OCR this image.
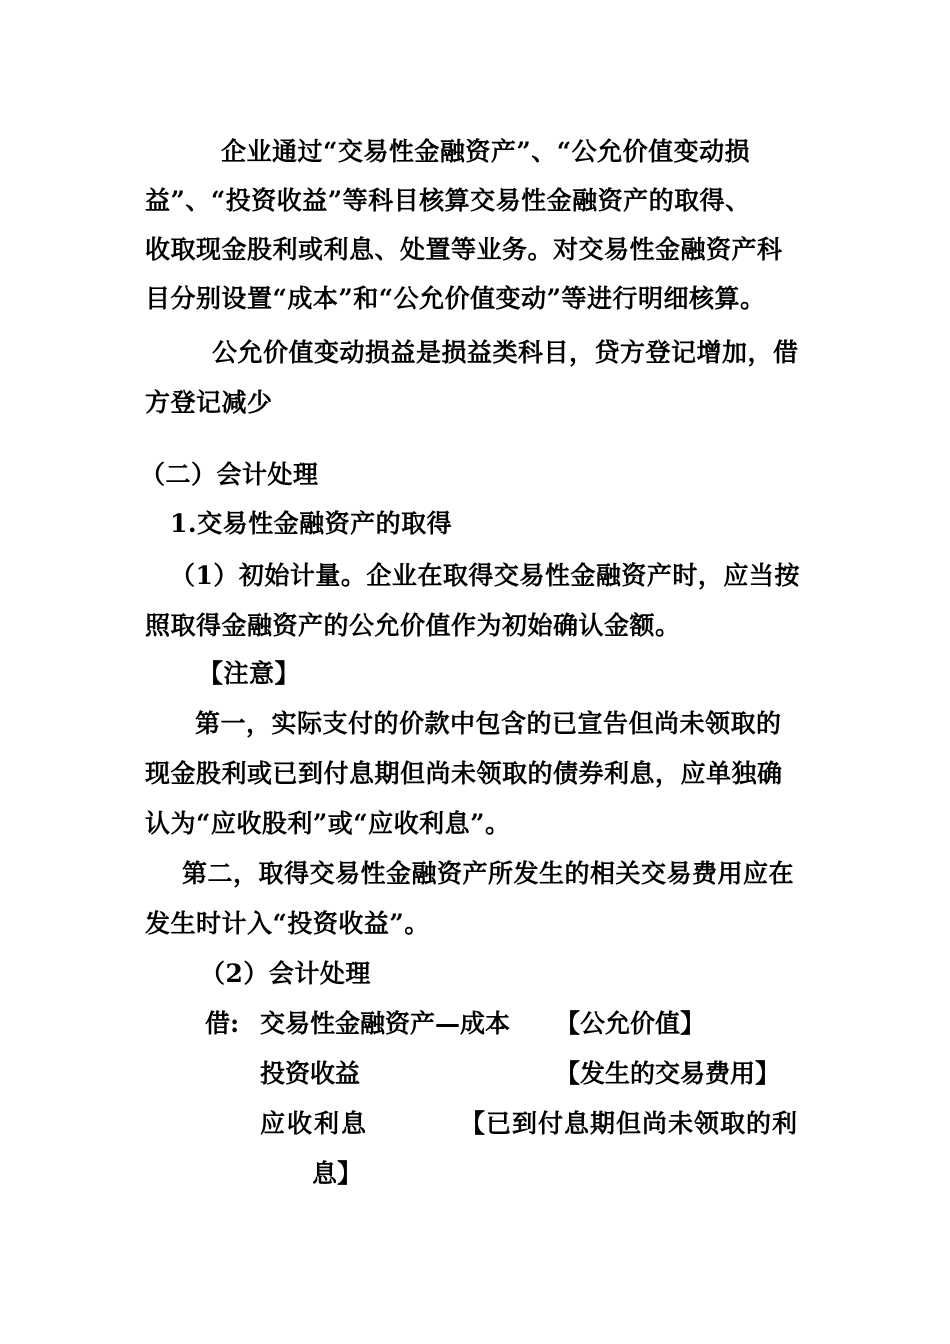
企业通过“交易性金融资产”、“公允价值变动损
益”、“投资收益”等科目核算交易性金融资产的取得、
收取现金股利或利息、处置等业务。对交易性金融资产科
目分别设置“成本”和“公允价值变动”等进行明细核算。
公允价值变动损益是损益类科目，贷方登记增加，借
方登记减少
（二）会计处理
1.交易性金融资产的取得
（1）初始计量。企业在取得交易性金融资产时，应当按
照取得金融资产的公允价值作为初始确认金额。
【注意】
第一，实际支付的价款中包含的已宣告但尚未领取的
现金股利或已到付息期但尚未领取的债券利息，应单独确
认为“应收股利”或“应收利息”。
第二，取得交易性金融资产所发生的相关交易费用应在
发生时计入“投资收益”。
（2）会计处理
借: 交易性金融资产—成本 【公允价值】
投资收益	【发生的交易费用】
应收利息	【已到付息期但尚未领取的利
息】
